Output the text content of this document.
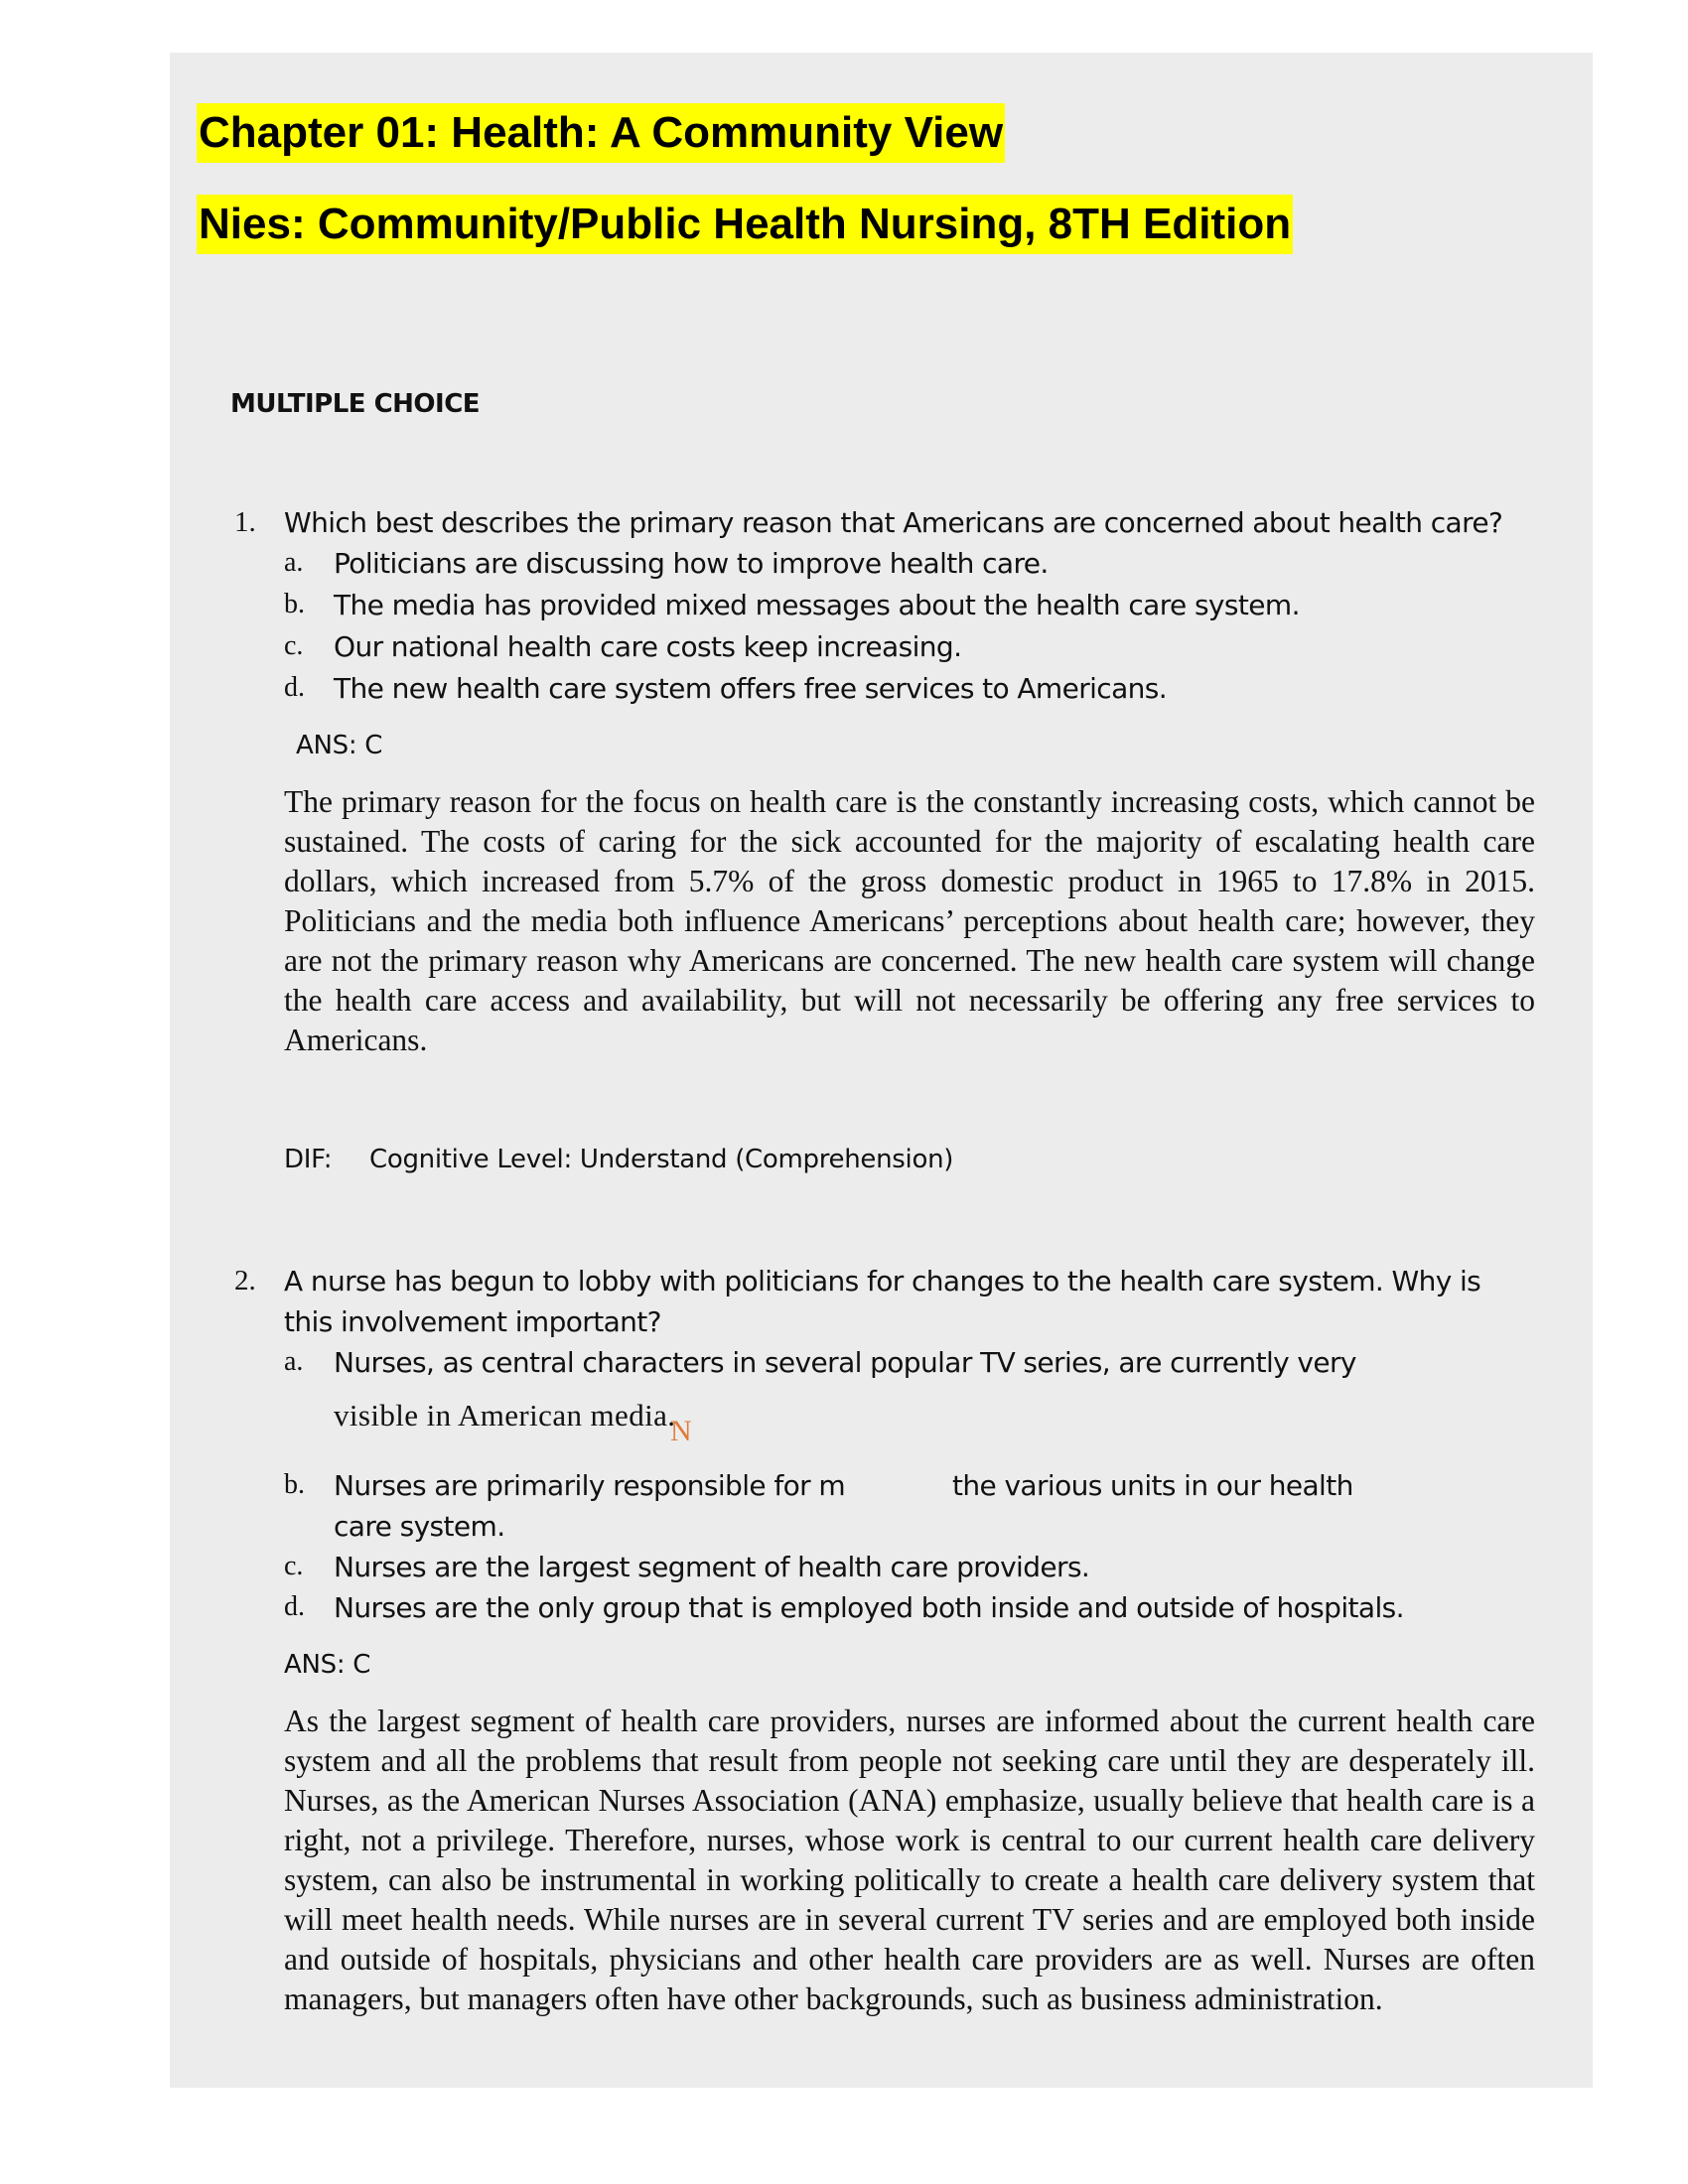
Chapter 01: Health: A Community View
Nies: Community/Public Health Nursing, 8TH Edition
MULTIPLE CHOICE
1. Which best describes the primary reason that Americans are concerned about health care?
a. Politicians are discussing how to improve health care.
b. The media has provided mixed messages about the health care system.
c. Our national health care costs keep increasing.
d. The new health care system offers free services to Americans.
ANS: C

The primary reason for the focus on health care is the constantly increasing costs, which cannot be sustained. The costs of caring for the sick accounted for the majority of escalating health care dollars, which increased from 5.7% of the gross domestic product in 1965 to 17.8% in 2015. Politicians and the media both influence Americans’ perceptions about health care; however, they are not the primary reason why Americans are concerned. The new health care system will change the health care access and availability, but will not necessarily be offering any free services to Americans.

DIF: Cognitive Level: Understand (Comprehension)
2. A nurse has begun to lobby with politicians for changes to the health care system. Why is
this involvement important?
a. Nurses, as central characters in several popular TV series, are currently very
visible in American media.
N
b. Nurses are primarily responsible for m	the various units in our health
care system.
c. Nurses are the largest segment of health care providers.
d. Nurses are the only group that is employed both inside and outside of hospitals.
ANS: C

As the largest segment of health care providers, nurses are informed about the current health care system and all the problems that result from people not seeking care until they are desperately ill. Nurses, as the American Nurses Association (ANA) emphasize, usually believe that health care is a right, not a privilege. Therefore, nurses, whose work is central to our current health care delivery system, can also be instrumental in working politically to create a health care delivery system that will meet health needs. While nurses are in several current TV series and are employed both inside and outside of hospitals, physicians and other health care providers are as well. Nurses are often managers, but managers often have other backgrounds, such as business administration.
